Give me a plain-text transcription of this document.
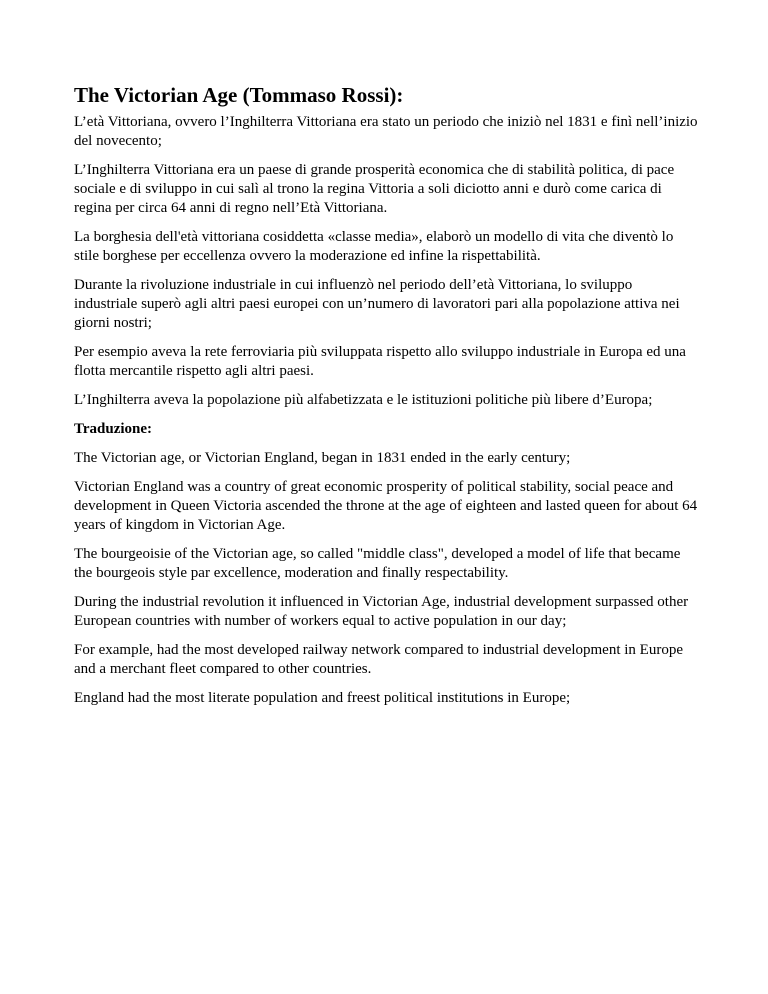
The Victorian Age (Tommaso Rossi):

L’età Vittoriana, ovvero l’Inghilterra Vittoriana era stato un periodo che iniziò nel 1831 e finì nell’inizio del novecento;

L’Inghilterra Vittoriana era un paese di grande prosperità economica che di stabilità politica, di pace sociale e di sviluppo in cui salì al trono la regina Vittoria a soli diciotto anni e durò come carica di regina per circa 64 anni di regno nell’Età Vittoriana.

La borghesia dell'età vittoriana cosiddetta «classe media», elaborò un modello di vita che diventò lo stile borghese per eccellenza ovvero la moderazione ed infine la rispettabilità.

Durante la rivoluzione industriale in cui influenzò nel periodo dell’età Vittoriana, lo sviluppo industriale superò agli altri paesi europei con un’numero di lavoratori pari alla popolazione attiva nei giorni nostri;

Per esempio aveva la rete ferroviaria più sviluppata rispetto allo sviluppo industriale in Europa ed una flotta mercantile rispetto agli altri paesi.

L’Inghilterra aveva la popolazione più alfabetizzata e le istituzioni politiche più libere d’Europa;

Traduzione:

The Victorian age, or Victorian England, began in 1831 ended in the early century;

Victorian England was a country of great economic prosperity of political stability, social peace and development in Queen Victoria ascended the throne at the age of eighteen and lasted queen for about 64 years of kingdom in Victorian Age.

The bourgeoisie of the Victorian age, so called "middle class", developed a model of life that became the bourgeois style par excellence, moderation and finally respectability.

During the industrial revolution it influenced in Victorian Age, industrial development surpassed other European countries with number of workers equal to active population in our day;

For example, had the most developed railway network compared to industrial development in Europe and a merchant fleet compared to other countries.

England had the most literate population and freest political institutions in Europe;
